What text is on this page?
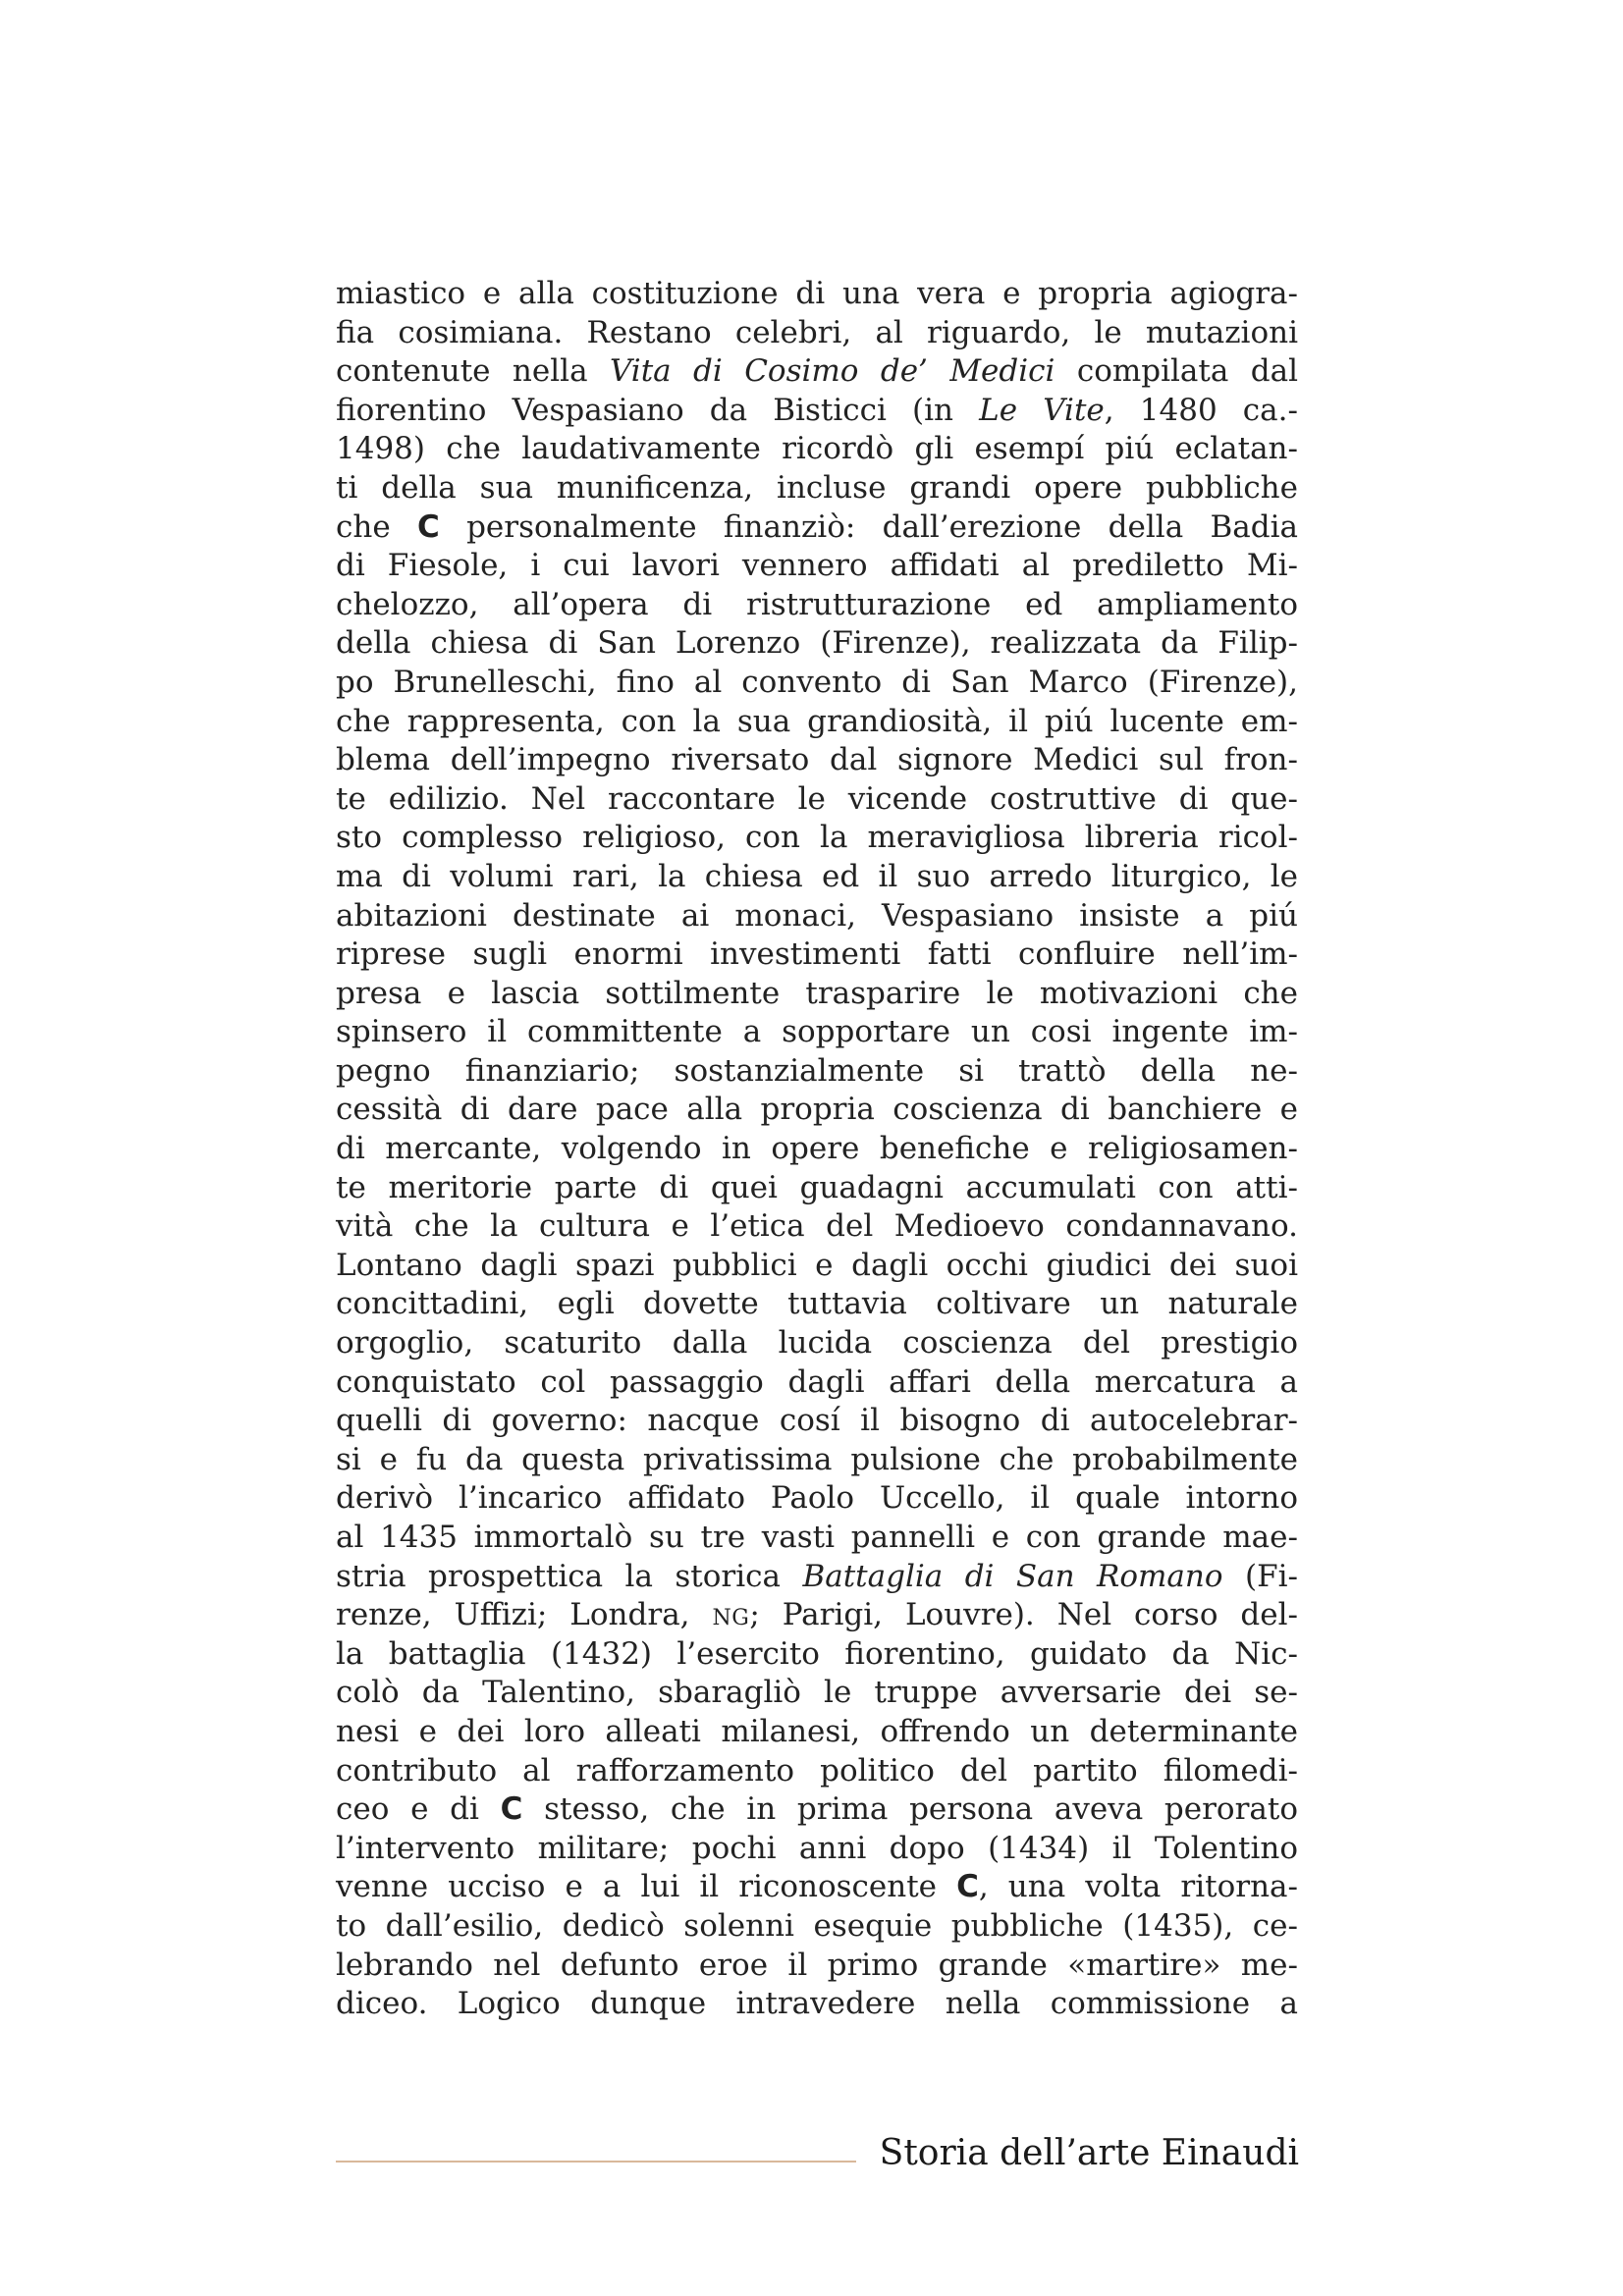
miastico e alla costituzione di una vera e propria agiogra-
fia cosimiana. Restano celebri, al riguardo, le mutazioni
contenute nella Vita di Cosimo de’ Medici compilata dal
fiorentino Vespasiano da Bisticci (in Le Vite, 1480 ca.-
1498) che laudativamente ricordò gli esempí piú eclatan-
ti della sua munificenza, incluse grandi opere pubbliche
che C personalmente finanziò: dall’erezione della Badia
di Fiesole, i cui lavori vennero affidati al prediletto Mi-
chelozzo, all’opera di ristrutturazione ed ampliamento
della chiesa di San Lorenzo (Firenze), realizzata da Filip-
po Brunelleschi, fino al convento di San Marco (Firenze),
che rappresenta, con la sua grandiosità, il piú lucente em-
blema dell’impegno riversato dal signore Medici sul fron-
te edilizio. Nel raccontare le vicende costruttive di que-
sto complesso religioso, con la meravigliosa libreria ricol-
ma di volumi rari, la chiesa ed il suo arredo liturgico, le
abitazioni destinate ai monaci, Vespasiano insiste a piú
riprese sugli enormi investimenti fatti confluire nell’im-
presa e lascia sottilmente trasparire le motivazioni che
spinsero il committente a sopportare un cosi ingente im-
pegno finanziario; sostanzialmente si trattò della ne-
cessità di dare pace alla propria coscienza di banchiere e
di mercante, volgendo in opere benefiche e religiosamen-
te meritorie parte di quei guadagni accumulati con atti-
vità che la cultura e l’etica del Medioevo condannavano.
Lontano dagli spazi pubblici e dagli occhi giudici dei suoi
concittadini, egli dovette tuttavia coltivare un naturale
orgoglio, scaturito dalla lucida coscienza del prestigio
conquistato col passaggio dagli affari della mercatura a
quelli di governo: nacque cosí il bisogno di autocelebrar-
si e fu da questa privatissima pulsione che probabilmente
derivò l’incarico affidato Paolo Uccello, il quale intorno
al 1435 immortalò su tre vasti pannelli e con grande mae-
stria prospettica la storica Battaglia di San Romano (Fi-
renze, Uffizi; Londra, ng; Parigi, Louvre). Nel corso del-
la battaglia (1432) l’esercito fiorentino, guidato da Nic-
colò da Talentino, sbaragliò le truppe avversarie dei se-
nesi e dei loro alleati milanesi, offrendo un determinante
contributo al rafforzamento politico del partito filomedi-
ceo e di C stesso, che in prima persona aveva perorato
l’intervento militare; pochi anni dopo (1434) il Tolentino
venne ucciso e a lui il riconoscente C, una volta ritorna-
to dall’esilio, dedicò solenni esequie pubbliche (1435), ce-
lebrando nel defunto eroe il primo grande «martire» me-
diceo. Logico dunque intravedere nella commissione a
Storia dell’arte Einaudi
